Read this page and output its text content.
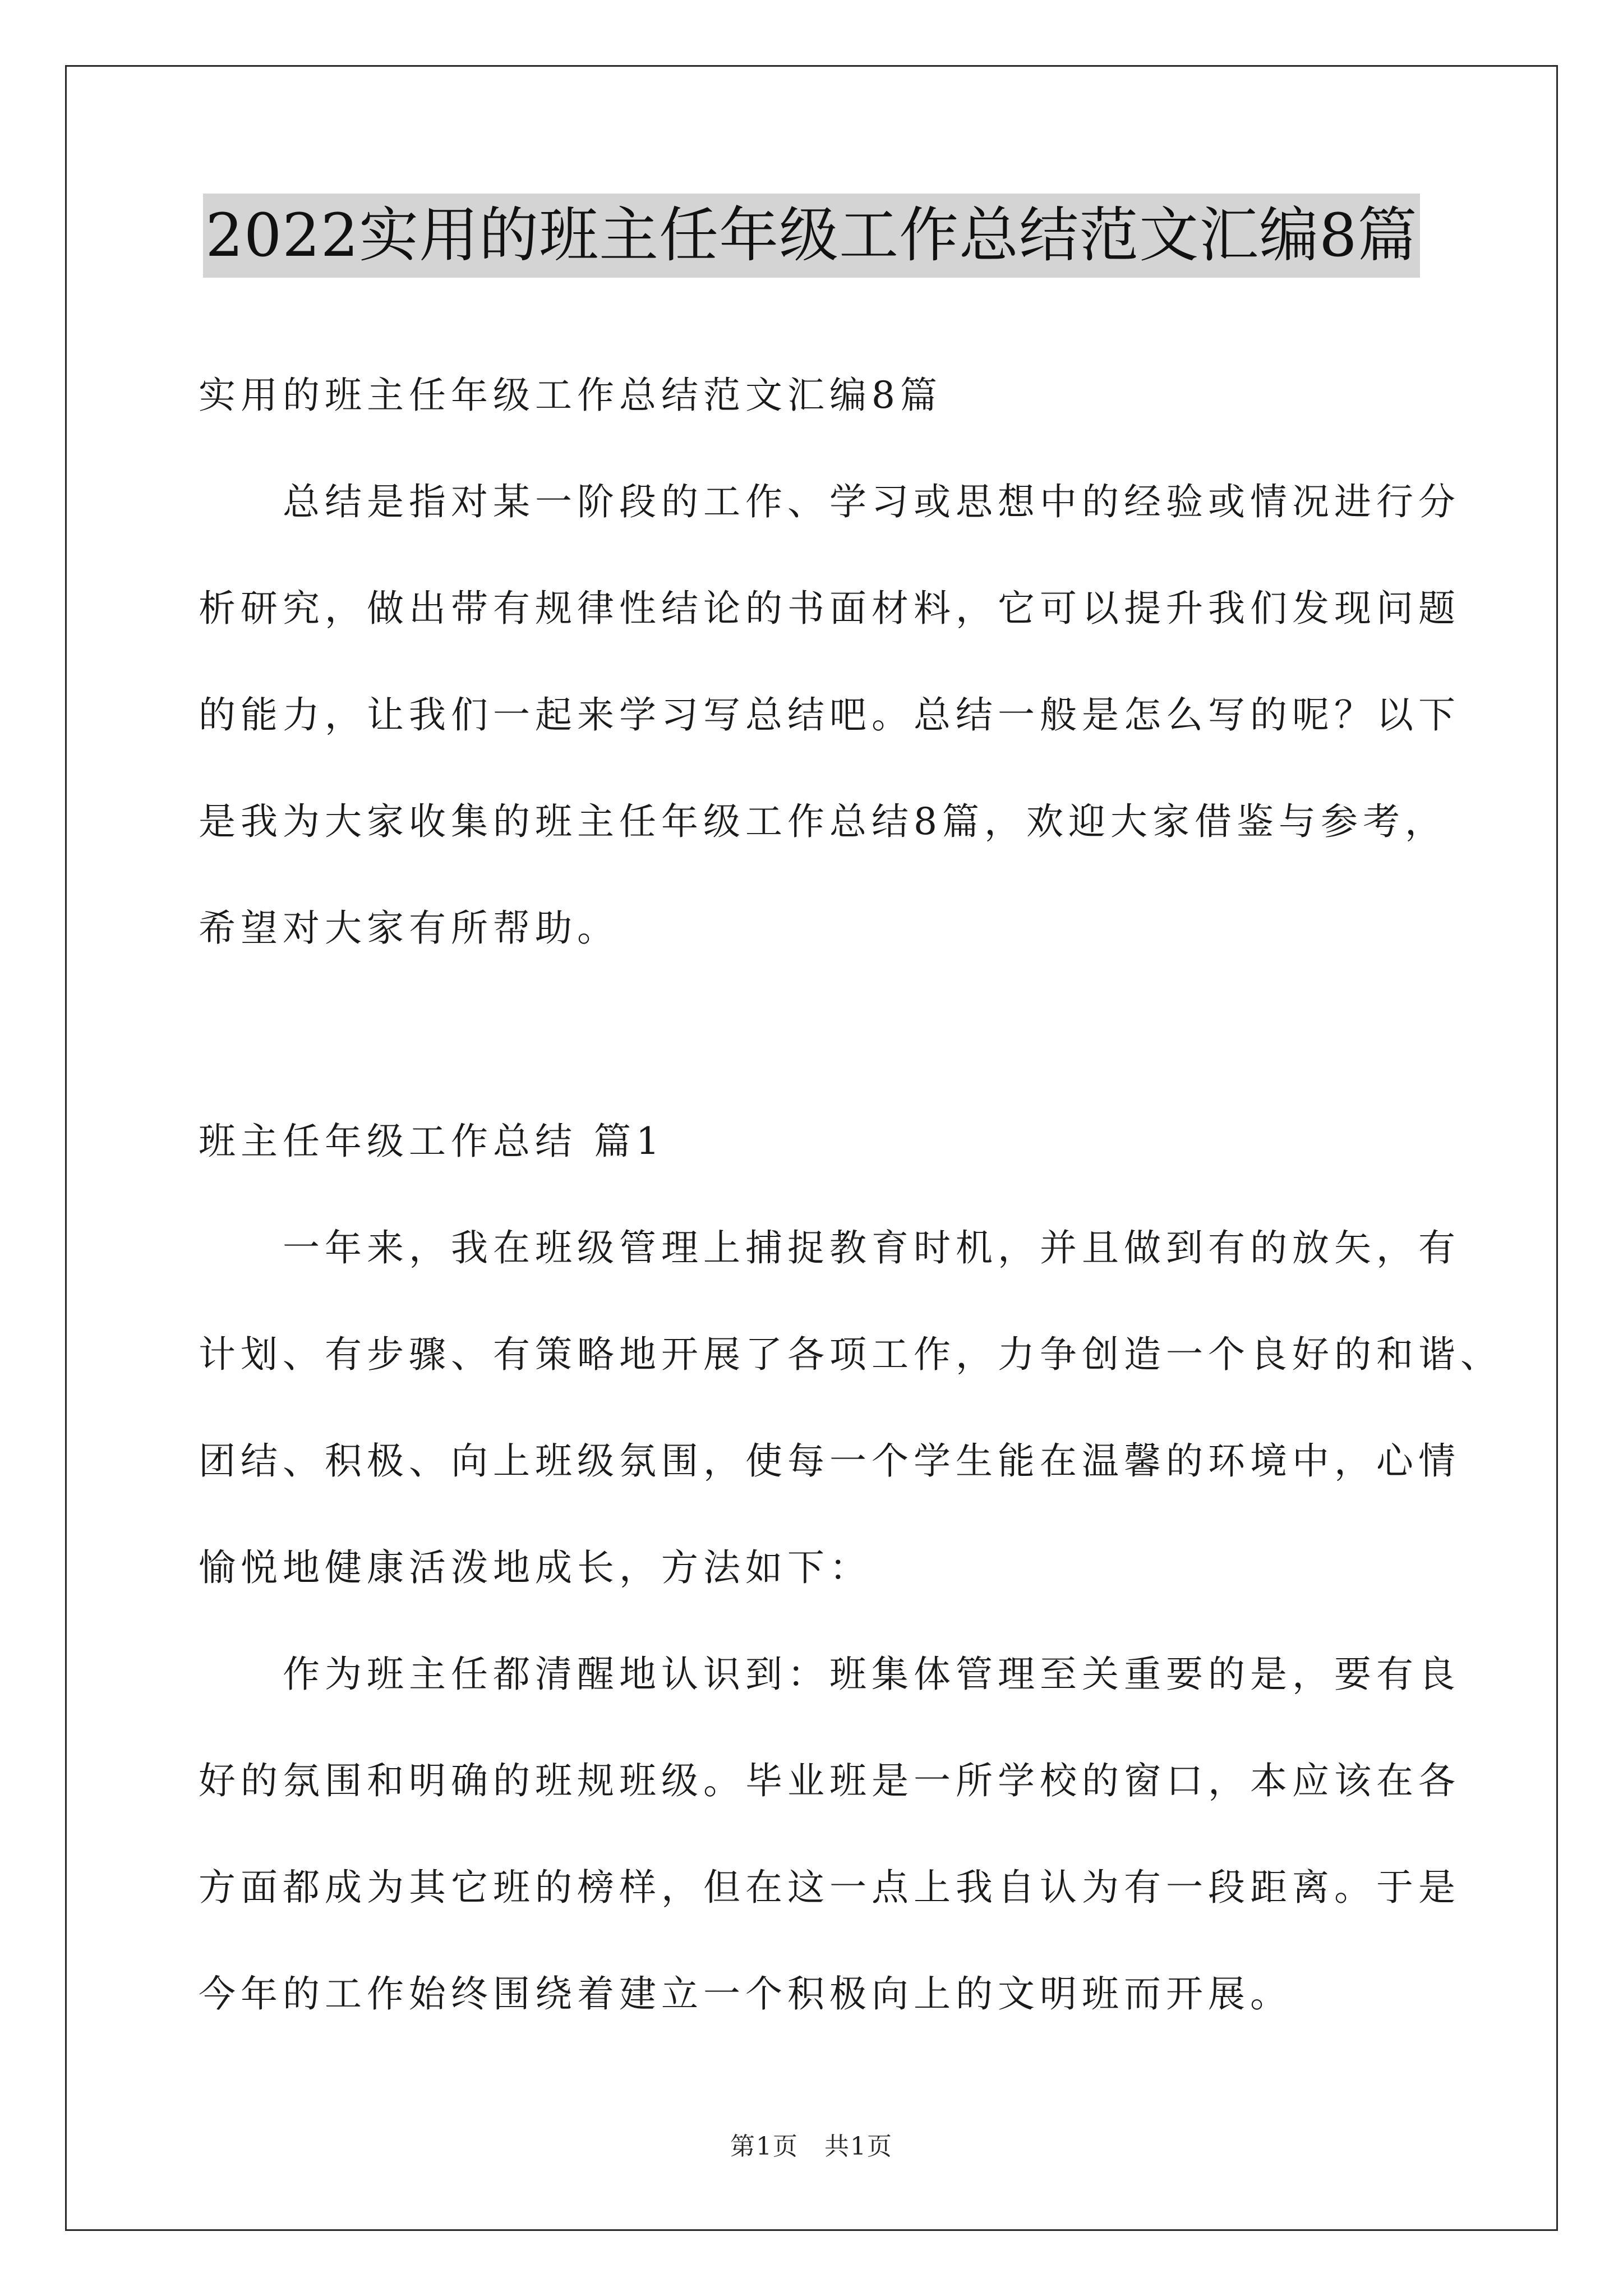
2022实用的班主任年级工作总结范文汇编8篇
实用的班主任年级工作总结范文汇编8篇
总结是指对某一阶段的工作、学习或思想中的经验或情况进行分
析研究，做出带有规律性结论的书面材料，它可以提升我们发现问题
的能力，让我们一起来学习写总结吧。总结一般是怎么写的呢？以下
是我为大家收集的班主任年级工作总结8篇，欢迎大家借鉴与参考，
希望对大家有所帮助。
班主任年级工作总结 篇1
一年来，我在班级管理上捕捉教育时机，并且做到有的放矢，有
计划、有步骤、有策略地开展了各项工作，力争创造一个良好的和谐、
团结、积极、向上班级氛围，使每一个学生能在温馨的环境中，心情
愉悦地健康活泼地成长，方法如下：
作为班主任都清醒地认识到：班集体管理至关重要的是，要有良
好的氛围和明确的班规班级。毕业班是一所学校的窗口，本应该在各
方面都成为其它班的榜样，但在这一点上我自认为有一段距离。于是
今年的工作始终围绕着建立一个积极向上的文明班而开展。
第1页　共1页
